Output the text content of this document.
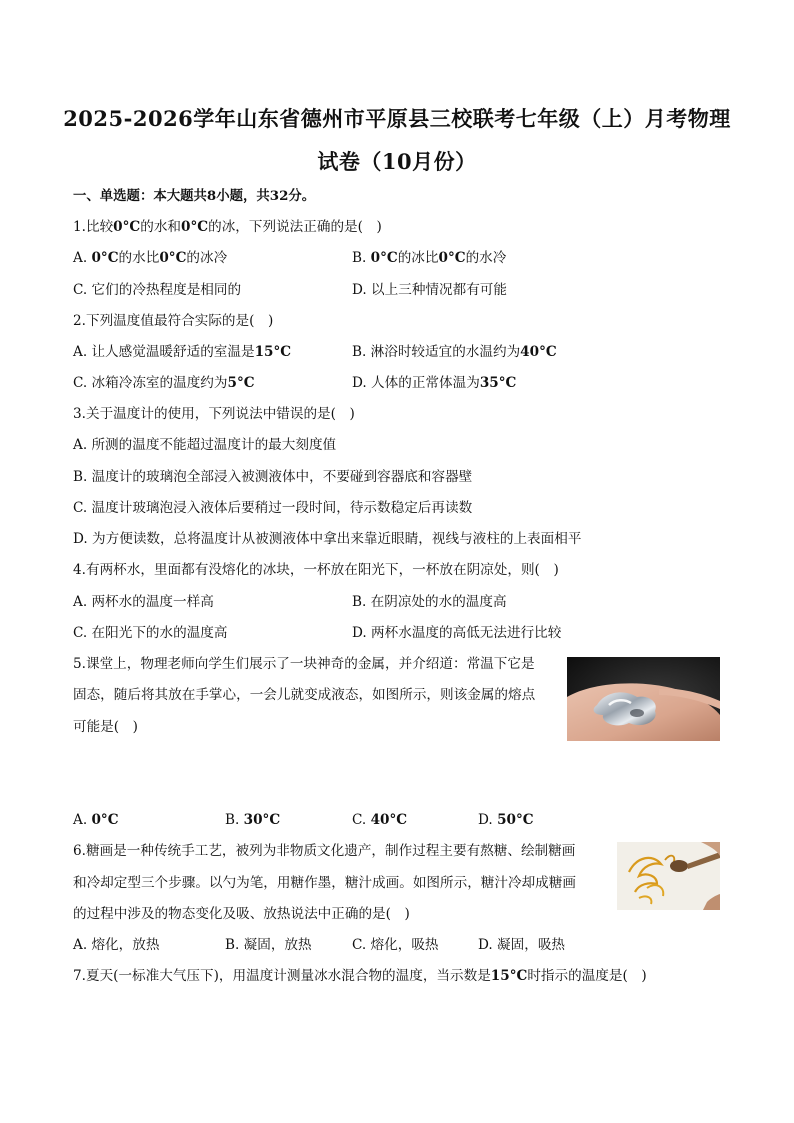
2025-2026学年山东省德州市平原县三校联考七年级（上）月考物理
试卷（10月份）
一、单选题：本大题共8小题，共32分。
1.比较0°C的水和0°C的冰，下列说法正确的是(　)
A. 0°C的水比0°C的冰冷	B. 0°C的冰比0°C的水冷
C. 它们的冷热程度是相同的	D. 以上三种情况都有可能
2.下列温度值最符合实际的是(　)
A. 让人感觉温暖舒适的室温是15°C	B. 淋浴时较适宜的水温约为40°C
C. 冰箱冷冻室的温度约为5°C	D. 人体的正常体温为35°C
3.关于温度计的使用，下列说法中错误的是(　)
A. 所测的温度不能超过温度计的最大刻度值
B. 温度计的玻璃泡全部浸入被测液体中，不要碰到容器底和容器壁
C. 温度计玻璃泡浸入液体后要稍过一段时间，待示数稳定后再读数
D. 为方便读数，总将温度计从被测液体中拿出来靠近眼睛，视线与液柱的上表面相平
4.有两杯水，里面都有没熔化的冰块，一杯放在阳光下，一杯放在阴凉处，则(　)
A. 两杯水的温度一样高	B. 在阴凉处的水的温度高
C. 在阳光下的水的温度高	D. 两杯水温度的高低无法进行比较
5.课堂上，物理老师向学生们展示了一块神奇的金属，并介绍道：常温下它是
固态，随后将其放在手掌心，一会儿就变成液态，如图所示，则该金属的熔点
可能是(　)
A. 0°C	B. 30°C	C. 40°C	D. 50°C
6.糖画是一种传统手工艺，被列为非物质文化遗产，制作过程主要有熬糖、绘制糖画
和冷却定型三个步骤。以勺为笔，用糖作墨，糖汁成画。如图所示，糖汁冷却成糖画
的过程中涉及的物态变化及吸、放热说法中正确的是(　)
A. 熔化，放热	B. 凝固，放热	C. 熔化，吸热	D. 凝固，吸热
7.夏天(一标准大气压下)，用温度计测量冰水混合物的温度，当示数是15°C时指示的温度是(　)
